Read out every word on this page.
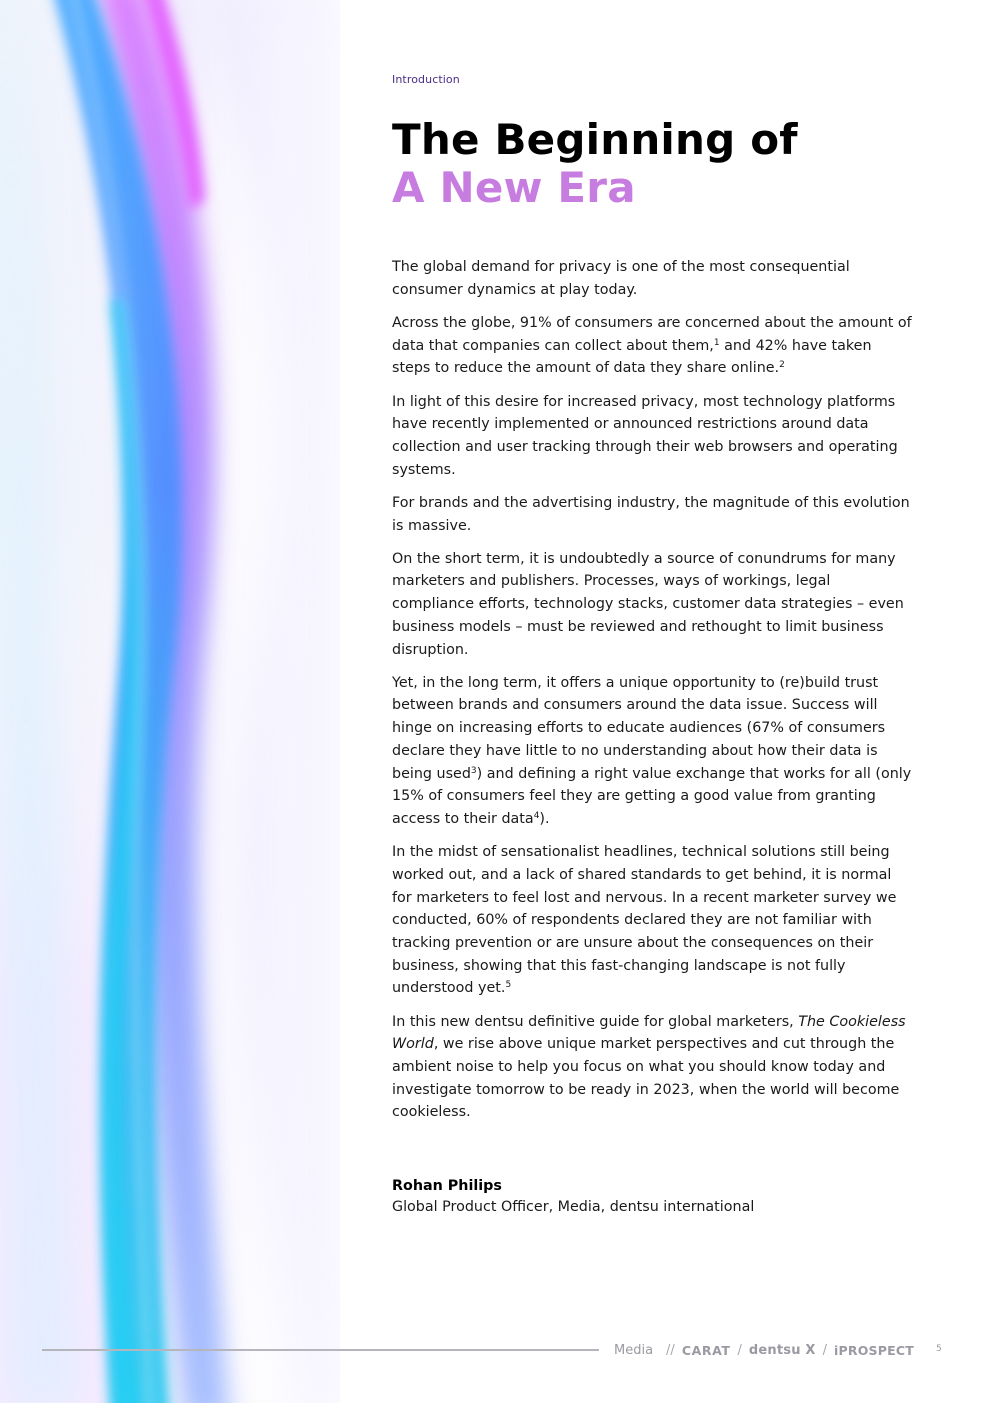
Introduction
The Beginning of
A New Era

The global demand for privacy is one of the most consequential consumer dynamics at play today.

Across the globe, 91% of consumers are concerned about the amount of data that companies can collect about them,$^1$ and 42% have taken steps to reduce the amount of data they share online.$^2$

In light of this desire for increased privacy, most technology platforms have recently implemented or announced restrictions around data collection and user tracking through their web browsers and operating systems.

For brands and the advertising industry, the magnitude of this evolution is massive.

On the short term, it is undoubtedly a source of conundrums for many marketers and publishers. Processes, ways of workings, legal compliance efforts, technology stacks, customer data strategies – even business models – must be reviewed and rethought to limit business disruption.

Yet, in the long term, it offers a unique opportunity to (re)build trust between brands and consumers around the data issue. Success will hinge on increasing efforts to educate audiences (67% of consumers declare they have little to no understanding about how their data is being used$^3$) and defining a right value exchange that works for all (only 15% of consumers feel they are getting a good value from granting access to their data$^4$).

In the midst of sensationalist headlines, technical solutions still being worked out, and a lack of shared standards to get behind, it is normal for marketers to feel lost and nervous. In a recent marketer survey we conducted, 60% of respondents declared they are not familiar with tracking prevention or are unsure about the consequences on their business, showing that this fast-changing landscape is not fully understood yet.$^5$

In this new dentsu definitive guide for global marketers, The Cookieless World, we rise above unique market perspectives and cut through the ambient noise to help you focus on what you should know today and investigate tomorrow to be ready in 2023, when the world will become cookieless.

Rohan Philips
Global Product Officer, Media, dentsu international
Media // CARAT / dentsu X / iPROSPECT 5
